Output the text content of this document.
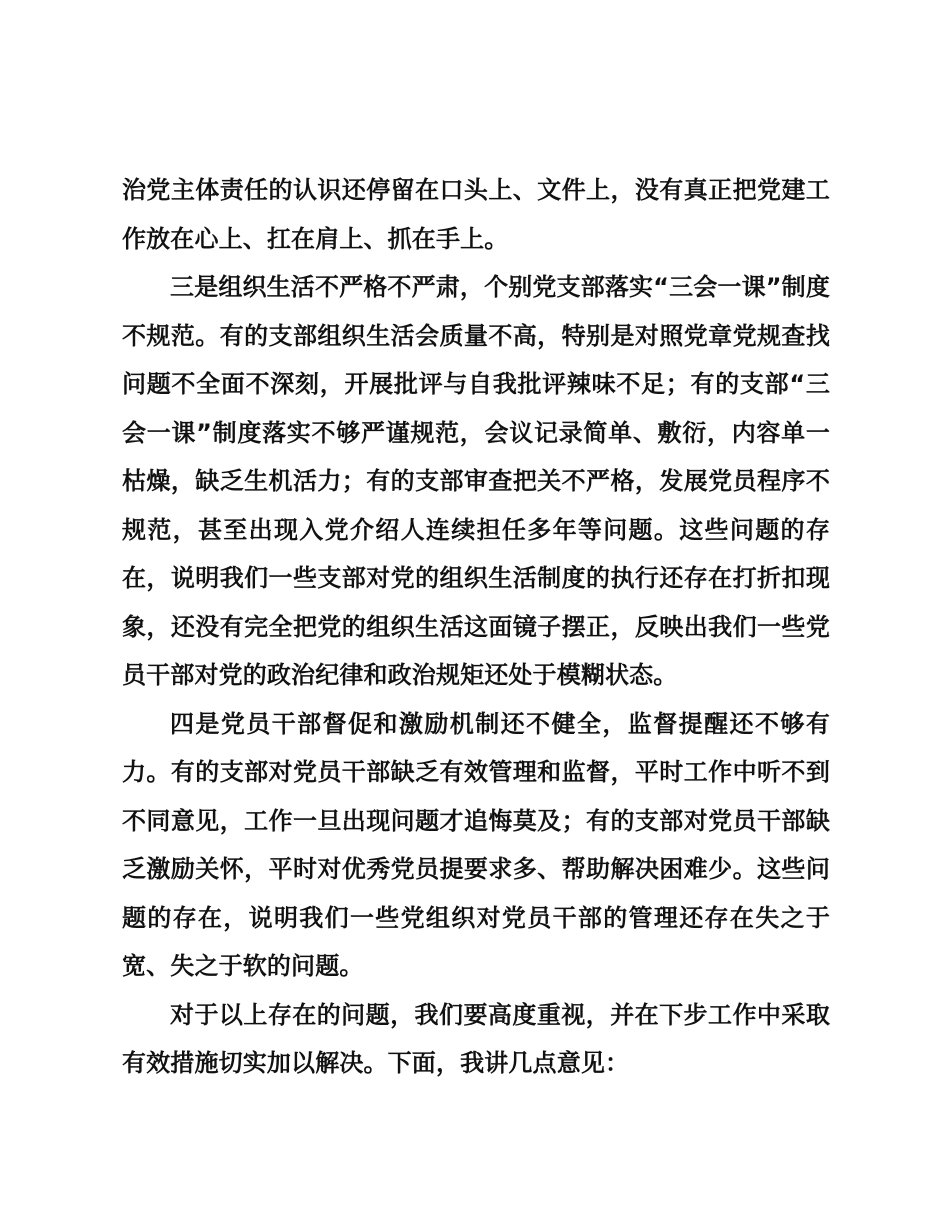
治党主体责任的认识还停留在口头上、文件上，没有真正把党建工作放在心上、扛在肩上、抓在手上。

三是组织生活不严格不严肃，个别党支部落实“三会一课”制度不规范。有的支部组织生活会质量不高，特别是对照党章党规查找问题不全面不深刻，开展批评与自我批评辣味不足；有的支部“三会一课”制度落实不够严谨规范，会议记录简单、敷衍，内容单一枯燥，缺乏生机活力；有的支部审查把关不严格，发展党员程序不规范，甚至出现入党介绍人连续担任多年等问题。这些问题的存在，说明我们一些支部对党的组织生活制度的执行还存在打折扣现象，还没有完全把党的组织生活这面镜子摆正，反映出我们一些党员干部对党的政治纪律和政治规矩还处于模糊状态。

四是党员干部督促和激励机制还不健全，监督提醒还不够有力。有的支部对党员干部缺乏有效管理和监督，平时工作中听不到不同意见，工作一旦出现问题才追悔莫及；有的支部对党员干部缺乏激励关怀，平时对优秀党员提要求多、帮助解决困难少。这些问题的存在，说明我们一些党组织对党员干部的管理还存在失之于宽、失之于软的问题。

对于以上存在的问题，我们要高度重视，并在下步工作中采取有效措施切实加以解决。下面，我讲几点意见：
